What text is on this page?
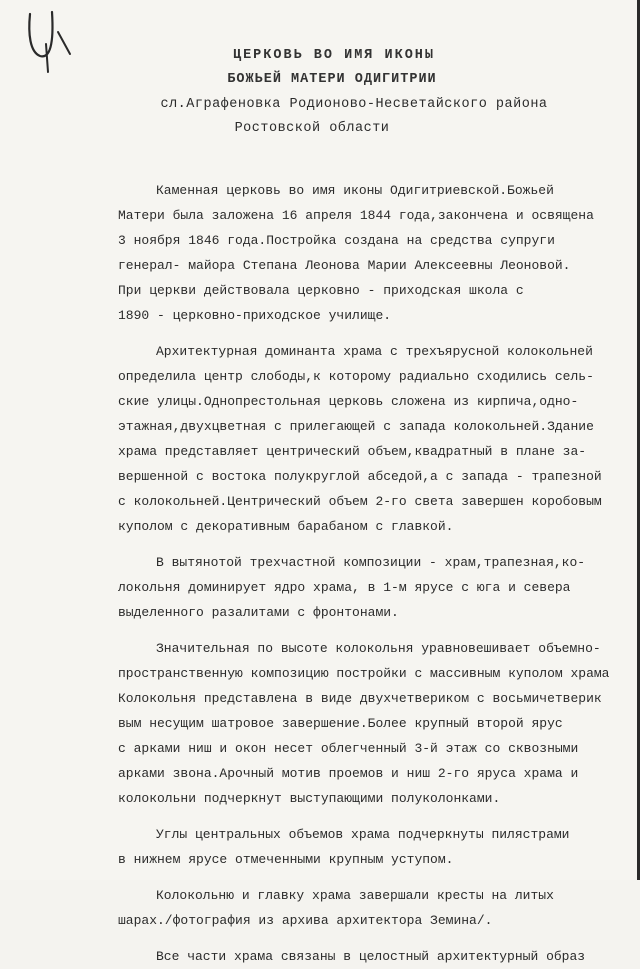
ЦЕРКОВЬ ВО ИМЯ ИКОНЫ
БОЖЬЕЙ МАТЕРИ ОДИГИТРИИ
сл.Аграфеновка Родионово-Несветайского района
Ростовской области

Каменная церковь во имя иконы Одигитриевской.Божьей

Матери была заложена 16 апреля 1844 года,закончена и освящена

3 ноября 1846 года.Постройка создана на средства супруги

генерал- майора Степана Леонова Марии Алексеевны Леоновой.

При церкви действовала церковно - приходская школа с

1890 - церковно-приходское училище.

Архитектурная доминанта храма с трехъярусной колокольней

определила центр слободы,к которому радиально сходились сель-

ские улицы.Однопрестольная церковь сложена из кирпича,одно-

этажная,двухцветная с прилегающей с запада колокольней.Здание

храма представляет центрический объем,квадратный в плане за-

вершенной с востока полукруглой абседой,а с запада - трапезной

с колокольней.Центрический объем 2-го света завершен коробовым

куполом с декоративным барабаном с главкой.

В вытянотой трехчастной композиции - храм,трапезная,ко-

локольня доминирует ядро храма, в 1-м ярусе с юга и севера

выделенного разалитами с фронтонами.

Значительная по высоте колокольня уравновешивает объемно-

пространственную композицию постройки с массивным куполом храма

Колокольня представлена в виде двухчетвериком с восьмичетверик

вым несущим шатровое завершение.Более крупный второй ярус

с арками ниш и окон несет облегченный 3-й этаж со сквозными

арками звона.Арочный мотив проемов и ниш 2-го яруса храма и

колокольни подчеркнут выступающими полуколонками.

Углы центральных объемов храма подчеркнуты пилястрами

в нижнем ярусе отмеченными крупным уступом.

Колокольню и главку храма завершали кресты на литых

шарах./фотография из архива архитектора Земина/.

Все части храма связаны в целостный архитектурный образ
